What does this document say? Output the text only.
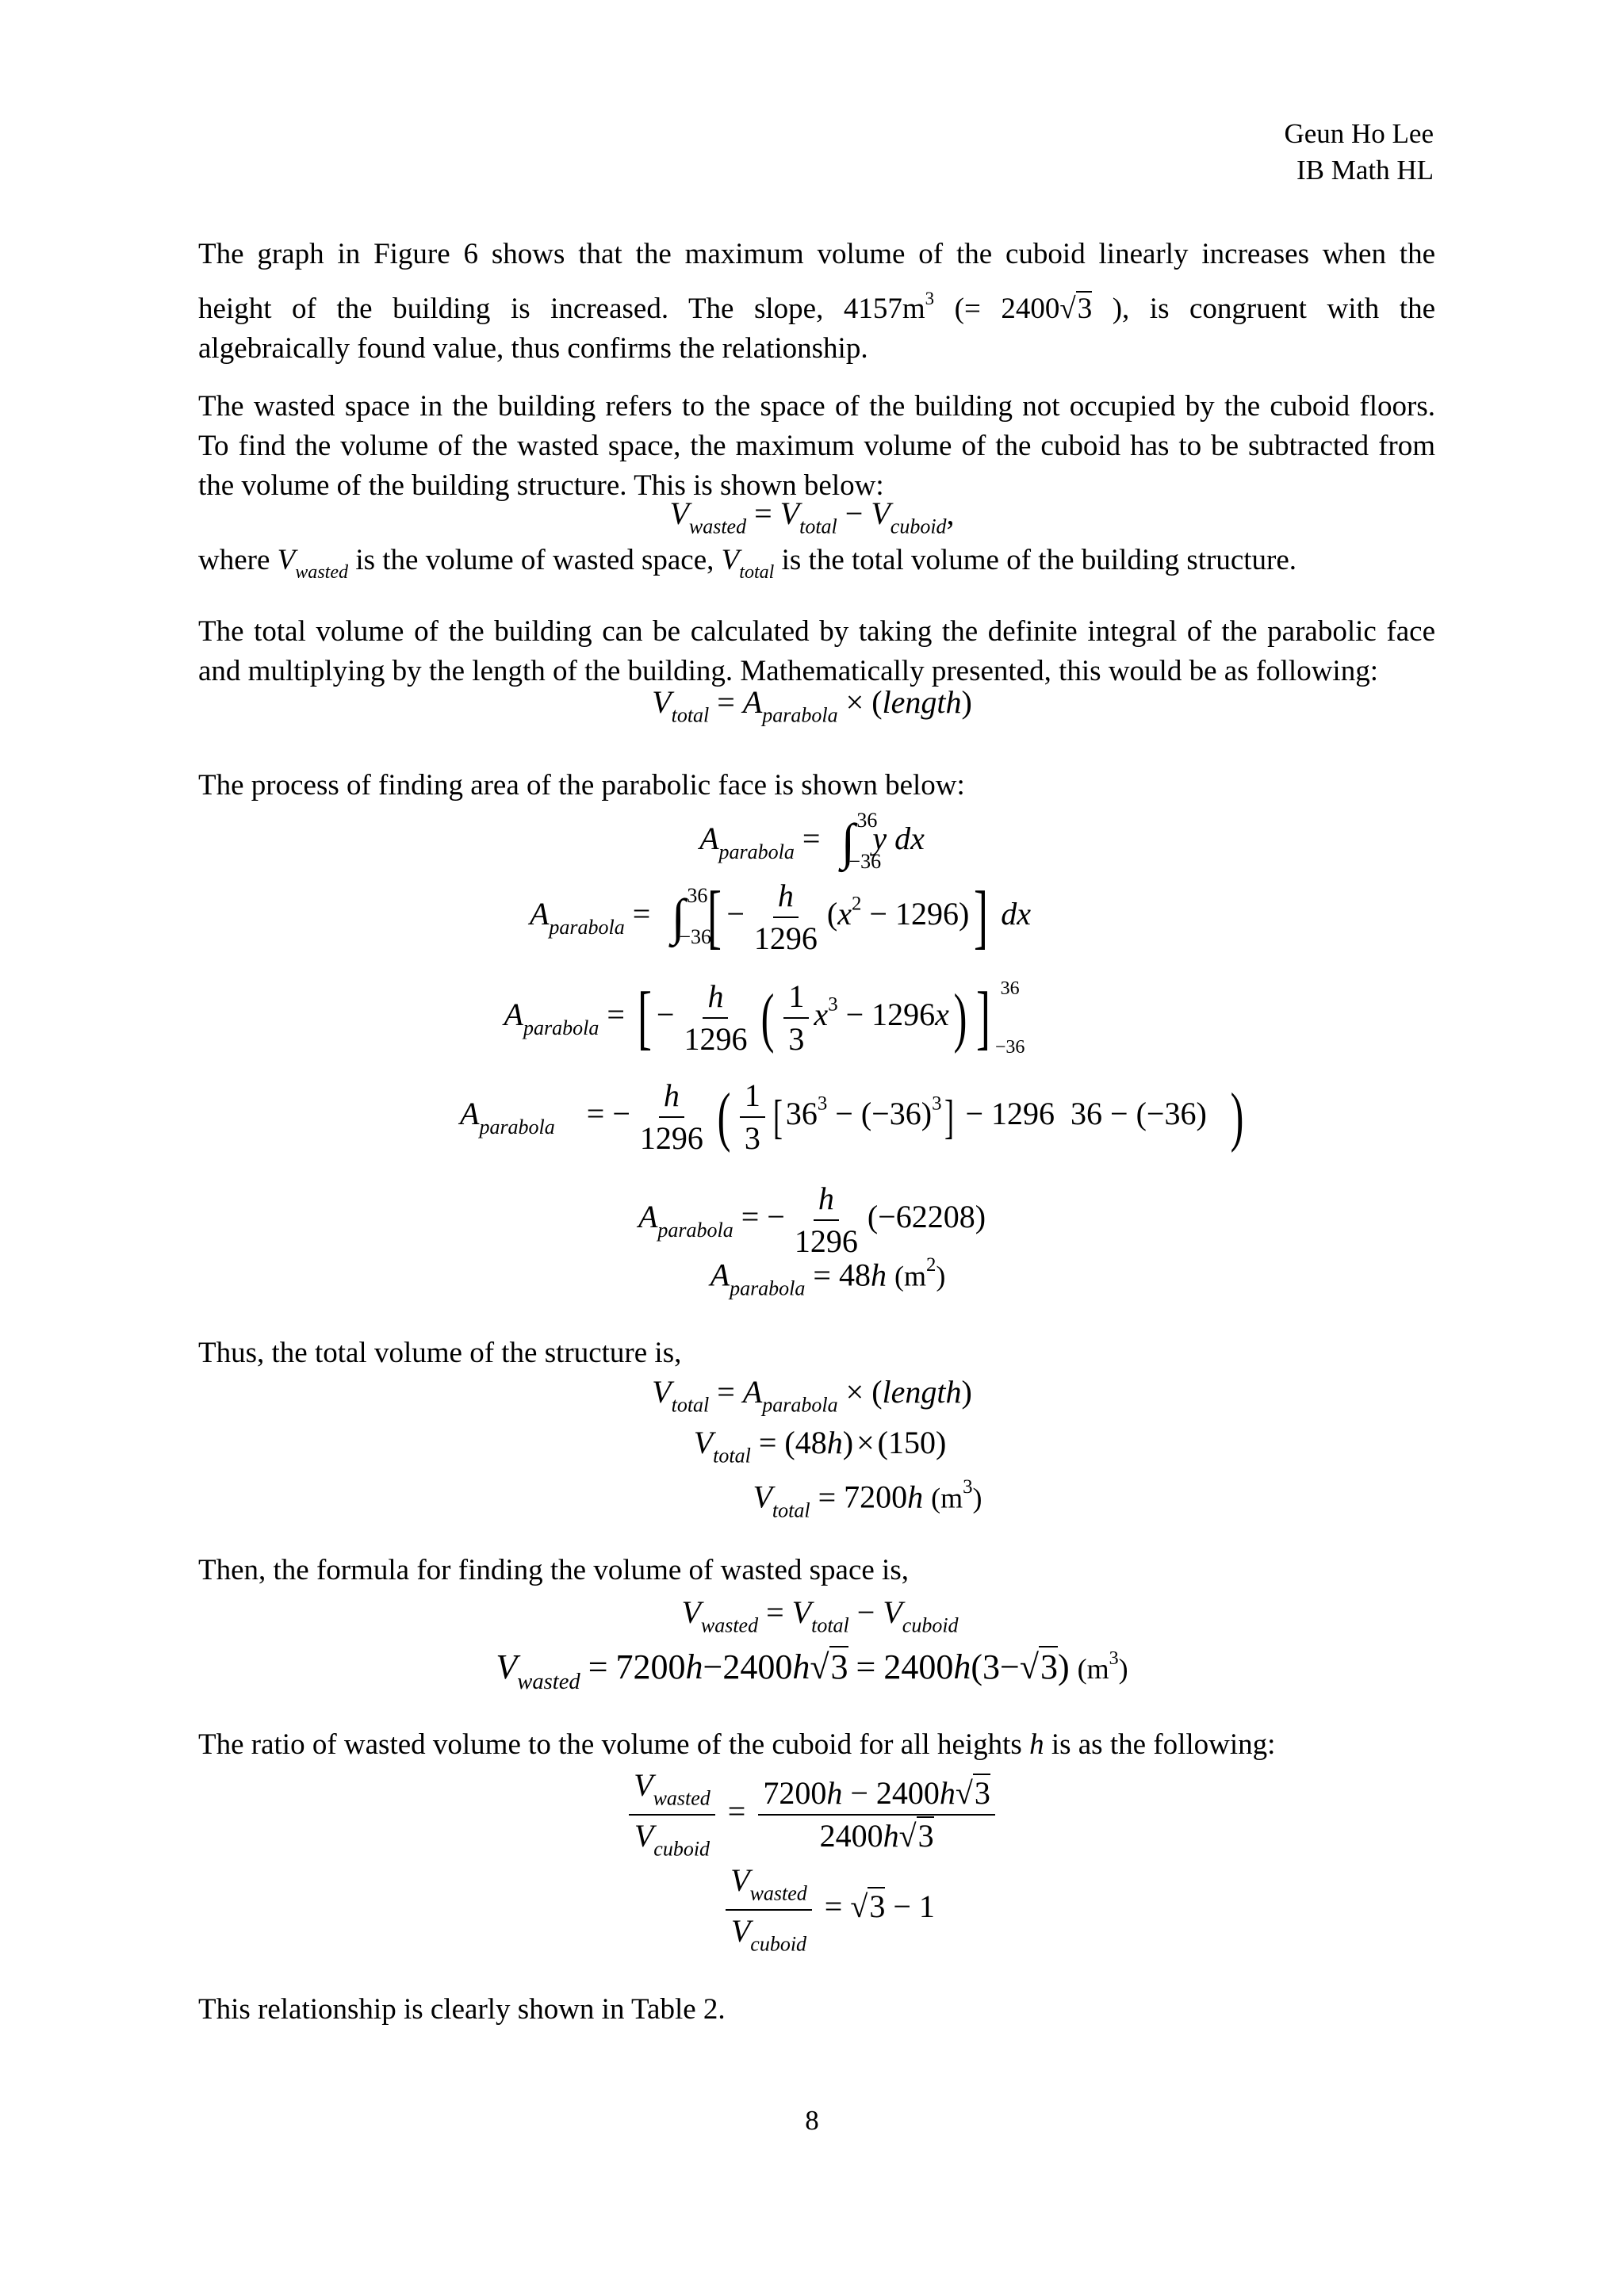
Geun Ho Lee
IB Math HL
The graph in Figure 6 shows that the maximum volume of the cuboid linearly increases when the
height of the building is increased. The slope, $4157m^3$ (= 2400√3 ), is congruent with the
algebraically found value, thus confirms the relationship.
The wasted space in the building refers to the space of the building not occupied by the cuboid floors.
To find the volume of the wasted space, the maximum volume of the cuboid has to be subtracted from
the volume of the building structure. This is shown below:
$V_{wasted} = V_{total} - V_{cuboid}$,
where $V_{wasted}$ is the volume of wasted space, $V_{total}$ is the total volume of the building structure.
The total volume of the building can be calculated by taking the definite integral of the parabolic face
and multiplying by the length of the building. Mathematically presented, this would be as following:
$V_{total} = A_{parabola}$ × (length)
The process of finding area of the parabolic face is shown below:
$A_{parabola}$ = ∫ 36
−36
y dx
$A_{parabola}$ = ∫ 36
−36
[ − $\frac{h}{1296} (x^2 - 1296)$] dx
$A_{parabola}$ = [ − $\frac{h}{1296}$ ( $\frac{1}{3} x^3 - 1296x$) ] 36
−36
$A_{parabola}$ = − $\frac{h}{1296}$ ( $\frac{1}{3} [36^3 - (-36)^3] - 1296$ 36 − (−36) )
$A_{parabola}$ = − $\frac{h}{1296} (-62208)$
$A_{parabola} = 48h$ $(m^2)$
Thus, the total volume of the structure is,
$V_{total} = A_{parabola}$ × (length)
$V_{total} = (48h) \times (150)$
$V_{total} = 7200h$ $(m^3)$
Then, the formula for finding the volume of wasted space is,
$V_{wasted} = V_{total} - V_{cuboid}$
$V_{wasted} = 7200h-2400h√3 = 2400h(3-√3)$ $(m^3)$
The ratio of wasted volume to the volume of the cuboid for all heights h is as the following:
$\frac{V_{wasted}}{V_{cuboid}} = \frac{7200h - 2400h√3}{2400h√3}$
$\frac{V_{wasted}}{V_{cuboid}} = √3 - 1$
This relationship is clearly shown in Table 2.
8
